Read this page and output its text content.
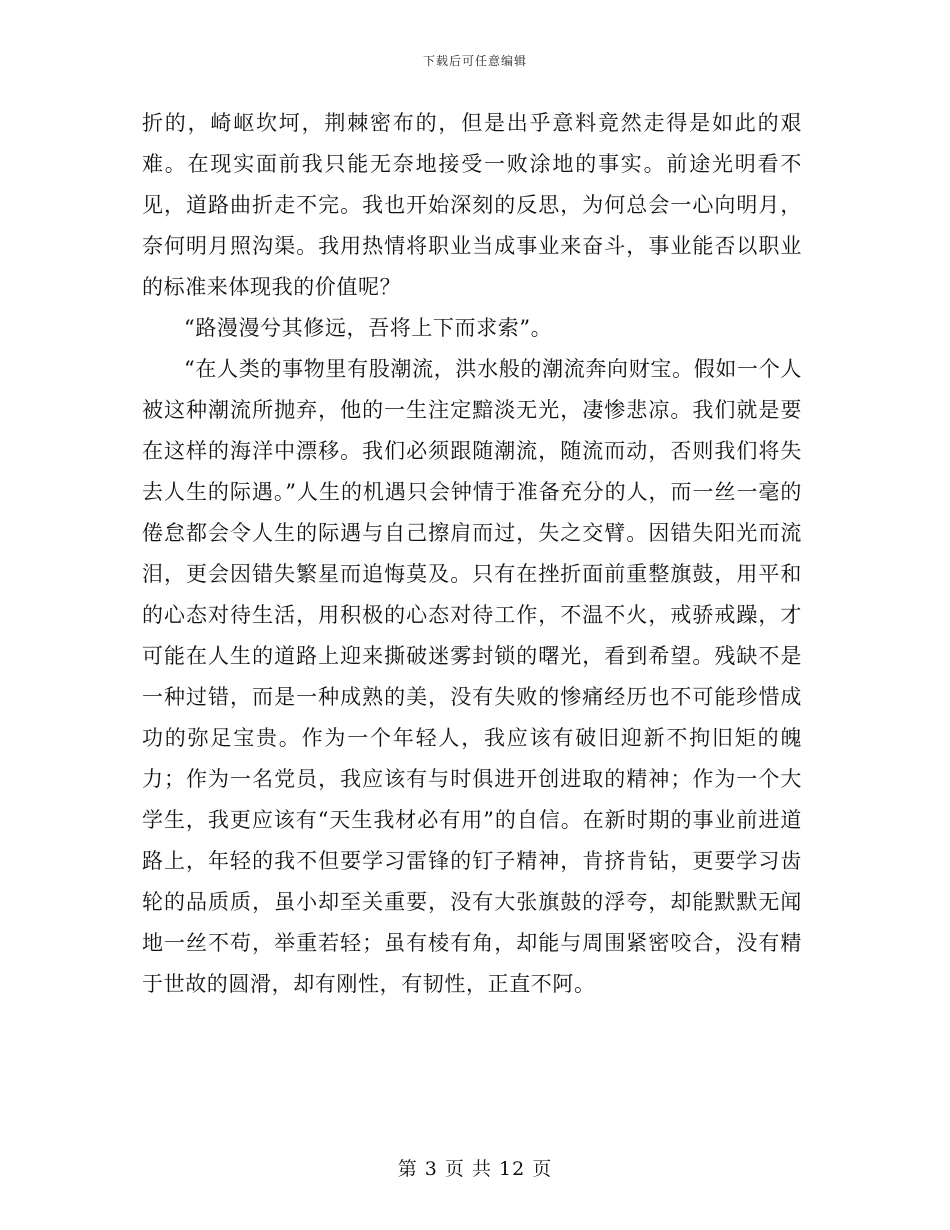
下载后可任意编辑

折的，崎岖坎坷，荆棘密布的，但是出乎意料竟然走得是如此的艰难。在现实面前我只能无奈地接受一败涂地的事实。前途光明看不见，道路曲折走不完。我也开始深刻的反思，为何总会一心向明月，奈何明月照沟渠。我用热情将职业当成事业来奋斗，事业能否以职业的标准来体现我的价值呢？

“路漫漫兮其修远，吾将上下而求索”。

“在人类的事物里有股潮流，洪水般的潮流奔向财宝。假如一个人被这种潮流所抛弃，他的一生注定黯淡无光，凄惨悲凉。我们就是要在这样的海洋中漂移。我们必须跟随潮流，随流而动，否则我们将失去人生的际遇。”人生的机遇只会钟情于准备充分的人，而一丝一毫的倦怠都会令人生的际遇与自己擦肩而过，失之交臂。因错失阳光而流泪，更会因错失繁星而追悔莫及。只有在挫折面前重整旗鼓，用平和的心态对待生活，用积极的心态对待工作，不温不火，戒骄戒躁，才可能在人生的道路上迎来撕破迷雾封锁的曙光，看到希望。残缺不是一种过错，而是一种成熟的美，没有失败的惨痛经历也不可能珍惜成功的弥足宝贵。作为一个年轻人，我应该有破旧迎新不拘旧矩的魄力；作为一名党员，我应该有与时俱进开创进取的精神；作为一个大学生，我更应该有“天生我材必有用”的自信。在新时期的事业前进道路上，年轻的我不但要学习雷锋的钉子精神，肯挤肯钻，更要学习齿轮的品质质，虽小却至关重要，没有大张旗鼓的浮夸，却能默默无闻地一丝不苟，举重若轻；虽有棱有角，却能与周围紧密咬合，没有精于世故的圆滑，却有刚性，有韧性，正直不阿。

第 3 页 共 12 页
